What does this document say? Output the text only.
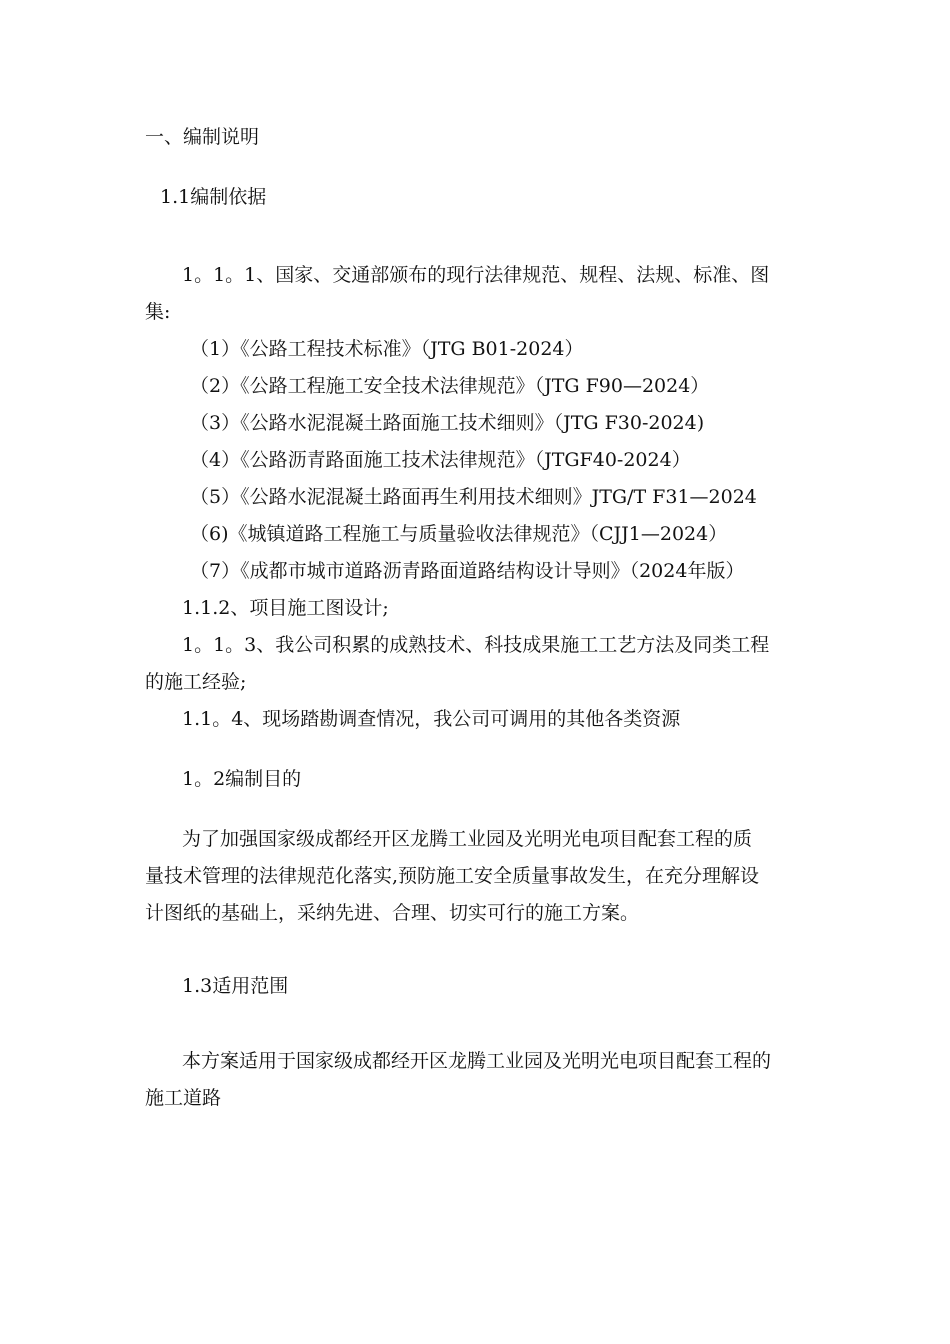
一、编制说明
1.1编制依据
1。1。1、国家、交通部颁布的现行法律规范、规程、法规、标准、图
集:
（1）《公路工程技术标准》（JTG B01-2024）
（2）《公路工程施工安全技术法律规范》（JTG F90—2024）
（3）《公路水泥混凝土路面施工技术细则》（JTG F30-2024)
（4）《公路沥青路面施工技术法律规范》（JTGF40-2024）
（5）《公路水泥混凝土路面再生利用技术细则》JTG/T F31—2024
（6)《城镇道路工程施工与质量验收法律规范》（CJJ1—2024）
（7）《成都市城市道路沥青路面道路结构设计导则》（2024年版）
1.1.2、项目施工图设计;
1。1。3、我公司积累的成熟技术、科技成果施工工艺方法及同类工程
的施工经验;
1.1。4、现场踏勘调查情况，我公司可调用的其他各类资源
1。2编制目的
为了加强国家级成都经开区龙腾工业园及光明光电项目配套工程的质
量技术管理的法律规范化落实,预防施工安全质量事故发生，在充分理解设
计图纸的基础上，采纳先进、合理、切实可行的施工方案。
1.3适用范围
本方案适用于国家级成都经开区龙腾工业园及光明光电项目配套工程的
施工道路
